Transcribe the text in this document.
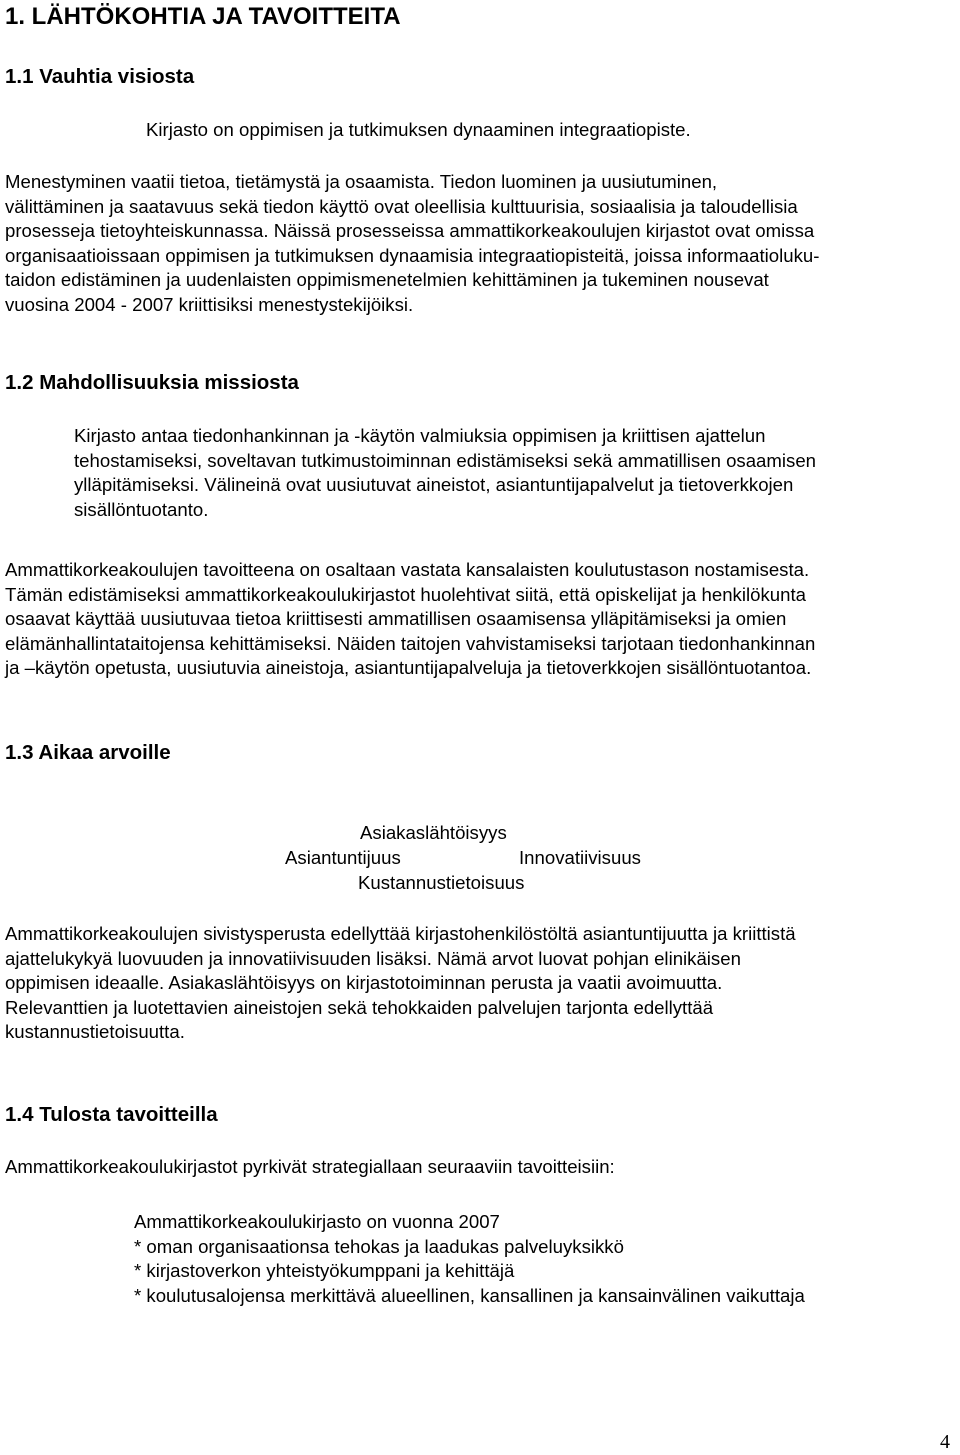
1. LÄHTÖKOHTIA JA TAVOITTEITA
1.1 Vauhtia visiosta
Kirjasto on oppimisen ja tutkimuksen dynaaminen integraatiopiste.
Menestyminen vaatii tietoa, tietämystä ja osaamista. Tiedon luominen ja uusiutuminen,
välittäminen ja saatavuus sekä tiedon käyttö ovat oleellisia kulttuurisia, sosiaalisia ja taloudellisia
prosesseja tietoyhteiskunnassa. Näissä prosesseissa ammattikorkeakoulujen kirjastot ovat omissa
organisaatioissaan oppimisen ja tutkimuksen dynaamisia integraatiopisteitä, joissa informaatioluku-
taidon edistäminen ja uudenlaisten oppimismenetelmien kehittäminen ja tukeminen nousevat
vuosina 2004 - 2007 kriittisiksi menestystekijöiksi.
1.2 Mahdollisuuksia missiosta
Kirjasto antaa tiedonhankinnan ja -käytön valmiuksia oppimisen ja kriittisen ajattelun
tehostamiseksi, soveltavan tutkimustoiminnan edistämiseksi sekä ammatillisen osaamisen
ylläpitämiseksi. Välineinä ovat uusiutuvat aineistot, asiantuntijapalvelut ja tietoverkkojen
sisällöntuotanto.
Ammattikorkeakoulujen tavoitteena on osaltaan vastata kansalaisten koulutustason nostamisesta.
Tämän edistämiseksi ammattikorkeakoulukirjastot huolehtivat siitä, että opiskelijat ja henkilökunta
osaavat käyttää uusiutuvaa tietoa kriittisesti ammatillisen osaamisensa ylläpitämiseksi ja omien
elämänhallintataitojensa kehittämiseksi. Näiden taitojen vahvistamiseksi tarjotaan tiedonhankinnan
ja –käytön opetusta, uusiutuvia aineistoja, asiantuntijapalveluja ja tietoverkkojen sisällöntuotantoa.
1.3 Aikaa arvoille
Asiakaslähtöisyys
Asiantuntijuus	Innovatiivisuus
Kustannustietoisuus
Ammattikorkeakoulujen sivistysperusta edellyttää kirjastohenkilöstöltä asiantuntijuutta ja kriittistä
ajattelukykyä luovuuden ja innovatiivisuuden lisäksi. Nämä arvot luovat pohjan elinikäisen
oppimisen ideaalle. Asiakaslähtöisyys on kirjastotoiminnan perusta ja vaatii avoimuutta.
Relevanttien ja luotettavien aineistojen sekä tehokkaiden palvelujen tarjonta edellyttää
kustannustietoisuutta.
1.4 Tulosta tavoitteilla
Ammattikorkeakoulukirjastot pyrkivät strategiallaan seuraaviin tavoitteisiin:
Ammattikorkeakoulukirjasto on vuonna 2007
* oman organisaationsa tehokas ja laadukas palveluyksikkö
* kirjastoverkon yhteistyökumppani ja kehittäjä
* koulutusalojensa merkittävä alueellinen, kansallinen ja kansainvälinen vaikuttaja
4
